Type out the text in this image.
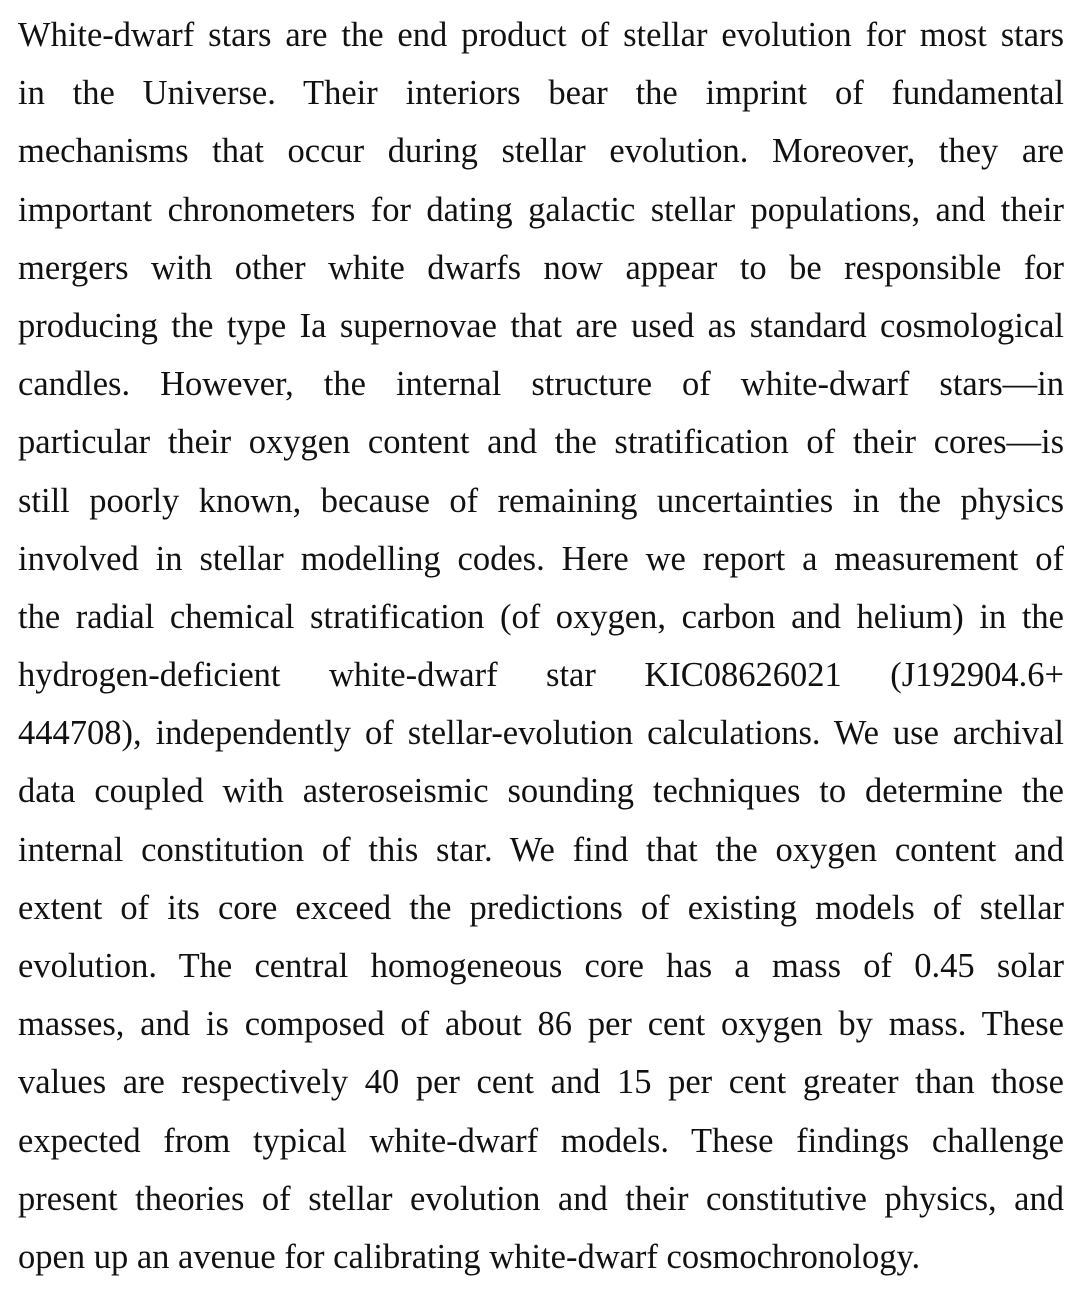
White-dwarf stars are the end product of stellar evolution for most stars
in the Universe. Their interiors bear the imprint of fundamental
mechanisms that occur during stellar evolution. Moreover, they are
important chronometers for dating galactic stellar populations, and their
mergers with other white dwarfs now appear to be responsible for
producing the type Ia supernovae that are used as standard cosmological
candles. However, the internal structure of white-dwarf stars—in
particular their oxygen content and the stratification of their cores—is
still poorly known, because of remaining uncertainties in the physics
involved in stellar modelling codes. Here we report a measurement of
the radial chemical stratification (of oxygen, carbon and helium) in the
hydrogen-deficient white-dwarf star KIC08626021 (J192904.6+
444708), independently of stellar-evolution calculations. We use archival
data coupled with asteroseismic sounding techniques to determine the
internal constitution of this star. We find that the oxygen content and
extent of its core exceed the predictions of existing models of stellar
evolution. The central homogeneous core has a mass of 0.45 solar
masses, and is composed of about 86 per cent oxygen by mass. These
values are respectively 40 per cent and 15 per cent greater than those
expected from typical white-dwarf models. These findings challenge
present theories of stellar evolution and their constitutive physics, and
open up an avenue for calibrating white-dwarf cosmochronology.
